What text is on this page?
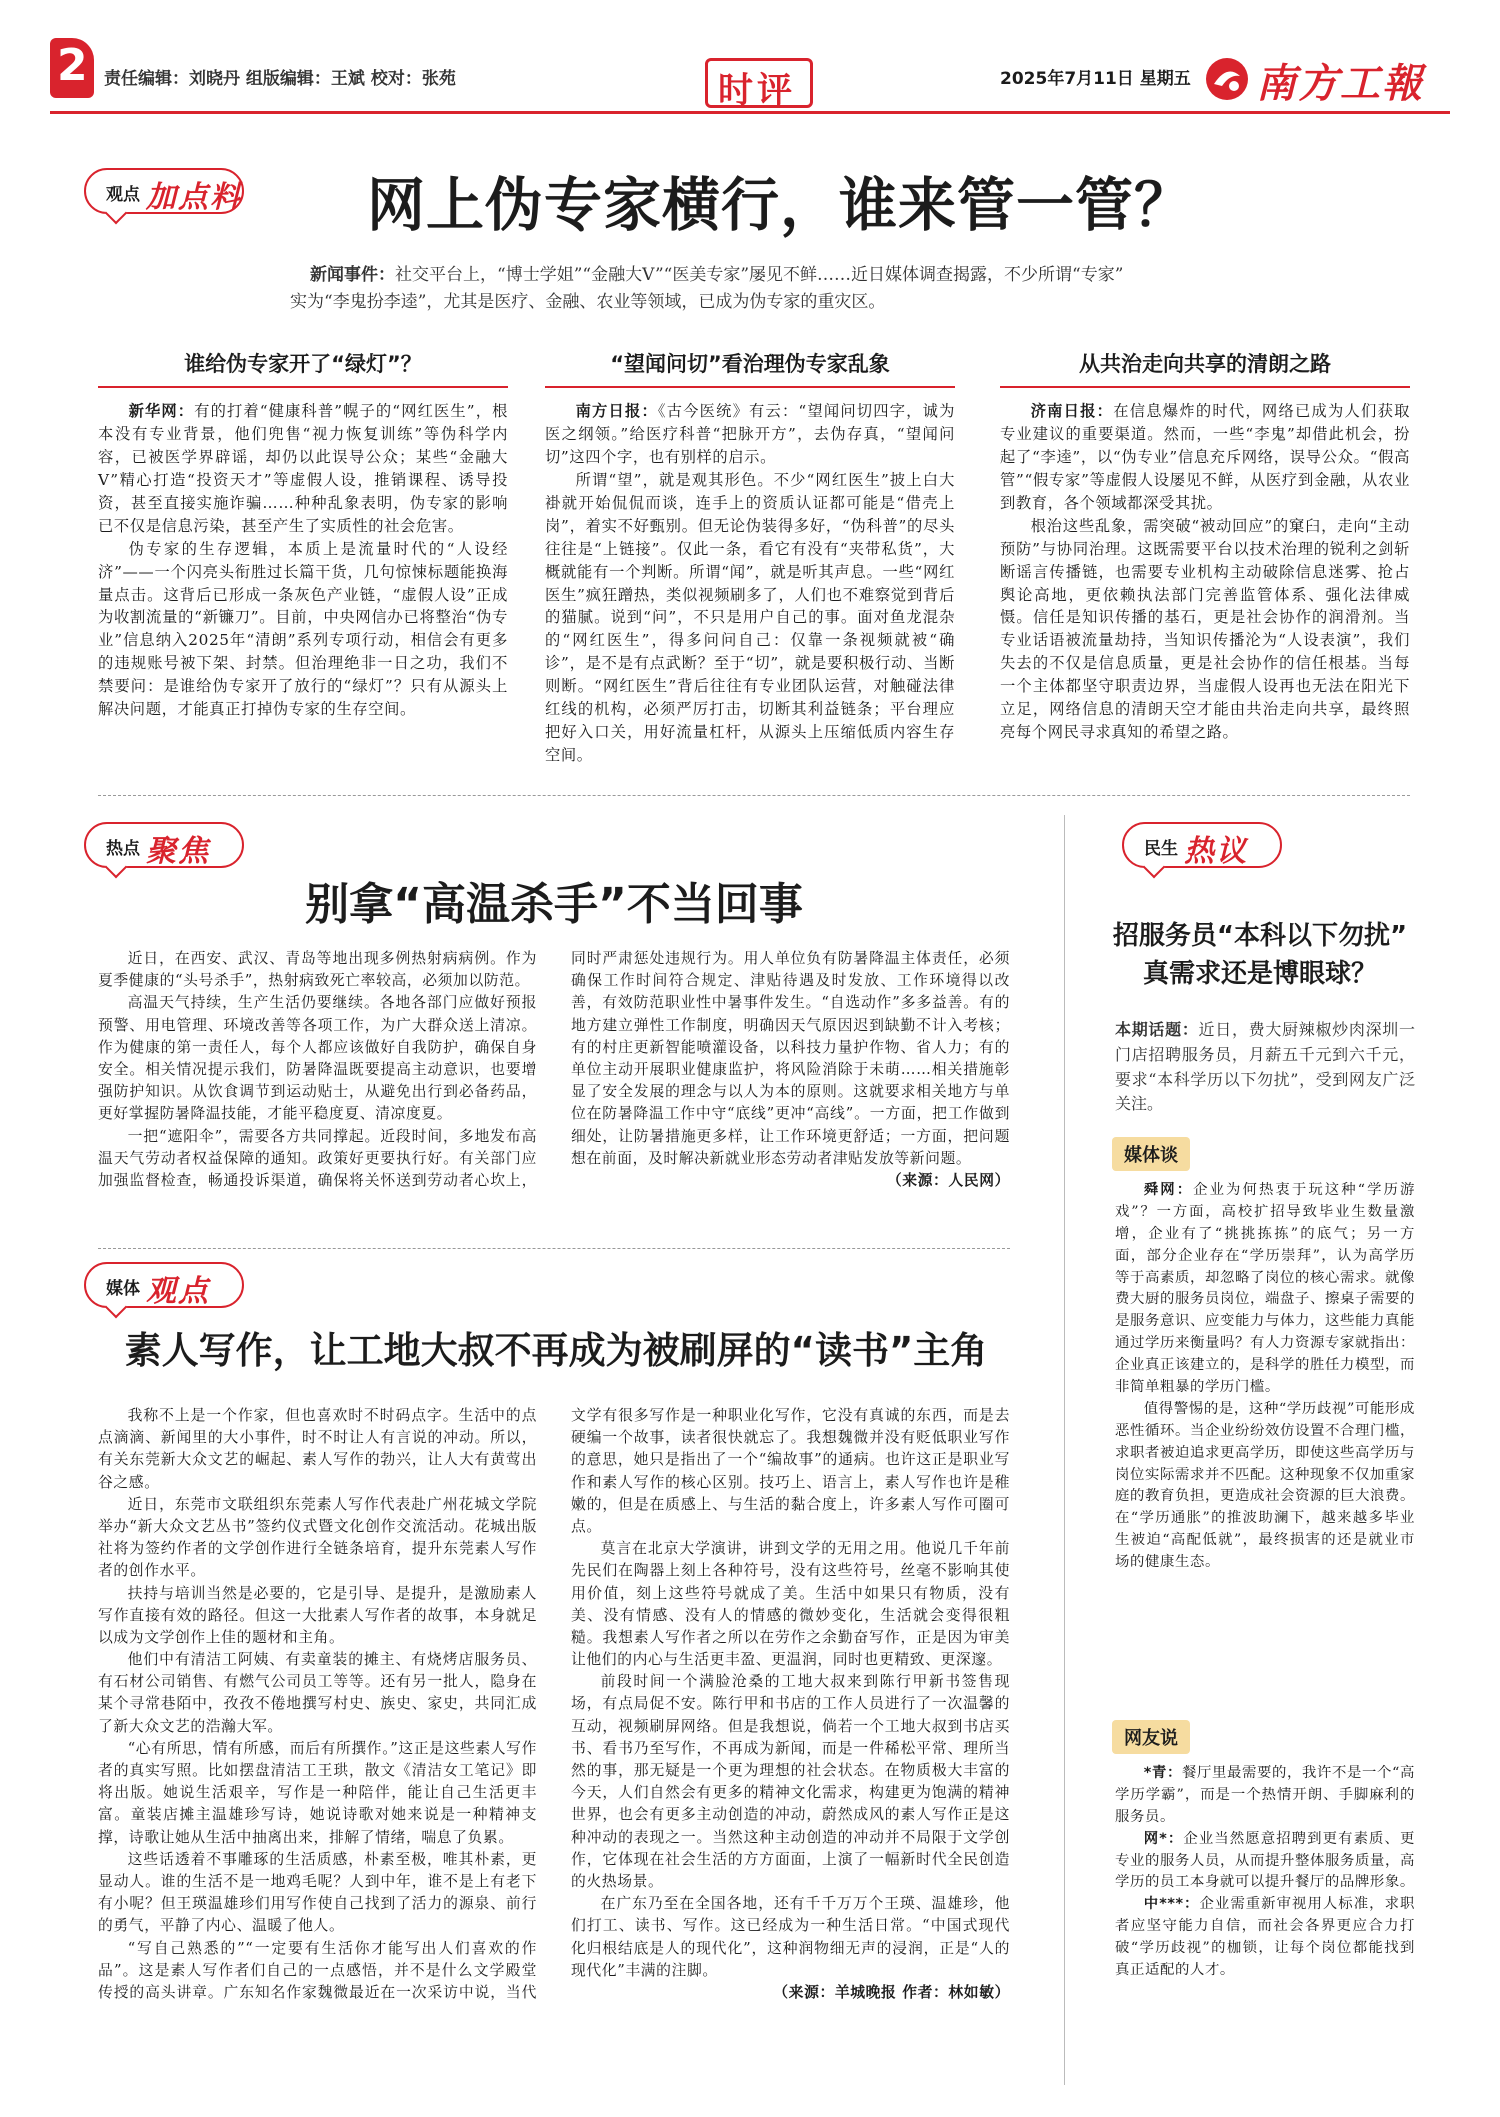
2 责任编辑：刘晓丹 组版编辑：王斌 校对：张苑	时评	2025年7月11日 星期五 南方工報
观点 加点料	网上伪专家横行，谁来管一管？
新闻事件：社交平台上，“博士学姐”“金融大V”“医美专家”屡见不鲜……近日媒体调查揭露，不少所谓“专家”
实为“李鬼扮李逵”，尤其是医疗、金融、农业等领域，已成为伪专家的重灾区。
谁给伪专家开了“绿灯”？

新华网：有的打着“健康科普”幌子的“网红医生”，根本没有专业背景，他们兜售“视力恢复训练”等伪科学内容，已被医学界辟谣，却仍以此误导公众；某些“金融大V”精心打造“投资天才”等虚假人设，推销课程、诱导投资，甚至直接实施诈骗……种种乱象表明，伪专家的影响已不仅是信息污染，甚至产生了实质性的社会危害。

伪专家的生存逻辑，本质上是流量时代的“人设经济”——一个闪亮头衔胜过长篇干货，几句惊悚标题能换海量点击。这背后已形成一条灰色产业链，“虚假人设”正成为收割流量的“新镰刀”。目前，中央网信办已将整治“伪专业”信息纳入2025年“清朗”系列专项行动，相信会有更多的违规账号被下架、封禁。但治理绝非一日之功，我们不禁要问：是谁给伪专家开了放行的“绿灯”？只有从源头上解决问题，才能真正打掉伪专家的生存空间。

“望闻问切”看治理伪专家乱象

南方日报：《古今医统》有云：“望闻问切四字，诚为医之纲领。”给医疗科普“把脉开方”，去伪存真，“望闻问切”这四个字，也有别样的启示。

所谓“望”，就是观其形色。不少“网红医生”披上白大褂就开始侃侃而谈，连手上的资质认证都可能是“借壳上岗”，着实不好甄别。但无论伪装得多好，“伪科普”的尽头往往是“上链接”。仅此一条，看它有没有“夹带私货”，大概就能有一个判断。所谓“闻”，就是听其声息。一些“网红医生”疯狂蹭热，类似视频刷多了，人们也不难察觉到背后的猫腻。说到“问”，不只是用户自己的事。面对鱼龙混杂的“网红医生”，得多问问自己：仅靠一条视频就被“确诊”，是不是有点武断？至于“切”，就是要积极行动、当断则断。“网红医生”背后往往有专业团队运营，对触碰法律红线的机构，必须严厉打击，切断其利益链条；平台理应把好入口关，用好流量杠杆，从源头上压缩低质内容生存空间。

从共治走向共享的清朗之路

济南日报：在信息爆炸的时代，网络已成为人们获取专业建议的重要渠道。然而，一些“李鬼”却借此机会，扮起了“李逵”，以“伪专业”信息充斥网络，误导公众。“假高管”“假专家”等虚假人设屡见不鲜，从医疗到金融，从农业到教育，各个领域都深受其扰。

根治这些乱象，需突破“被动回应”的窠臼，走向“主动预防”与协同治理。这既需要平台以技术治理的锐利之剑斩断谣言传播链，也需要专业机构主动破除信息迷雾、抢占舆论高地，更依赖执法部门完善监管体系、强化法律威慑。信任是知识传播的基石，更是社会协作的润滑剂。当专业话语被流量劫持，当知识传播沦为“人设表演”，我们失去的不仅是信息质量，更是社会协作的信任根基。当每一个主体都坚守职责边界，当虚假人设再也无法在阳光下立足，网络信息的清朗天空才能由共治走向共享，最终照亮每个网民寻求真知的希望之路。

热点 聚焦
别拿“高温杀手”不当回事

近日，在西安、武汉、青岛等地出现多例热射病病例。作为夏季健康的“头号杀手”，热射病致死亡率较高，必须加以防范。

高温天气持续，生产生活仍要继续。各地各部门应做好预报预警、用电管理、环境改善等各项工作，为广大群众送上清凉。作为健康的第一责任人，每个人都应该做好自我防护，确保自身安全。相关情况提示我们，防暑降温既要提高主动意识，也要增强防护知识。从饮食调节到运动贴士，从避免出行到必备药品，更好掌握防暑降温技能，才能平稳度夏、清凉度夏。

一把“遮阳伞”，需要各方共同撑起。近段时间，多地发布高温天气劳动者权益保障的通知。政策好更要执行好。有关部门应加强监督检查，畅通投诉渠道，确保将关怀送到劳动者心坎上，同时严肃惩处违规行为。用人单位负有防暑降温主体责任，必须确保工作时间符合规定、津贴待遇及时发放、工作环境得以改善，有效防范职业性中暑事件发生。“自选动作”多多益善。有的地方建立弹性工作制度，明确因天气原因迟到缺勤不计入考核；有的村庄更新智能喷灌设备，以科技力量护作物、省人力；有的单位主动开展职业健康监护，将风险消除于未萌……相关措施彰显了安全发展的理念与以人为本的原则。这就要求相关地方与单位在防暑降温工作中守“底线”更冲“高线”。一方面，把工作做到细处，让防暑措施更多样，让工作环境更舒适；一方面，把问题想在前面，及时解决新就业形态劳动者津贴发放等新问题。

（来源：人民网）

媒体 观点
素人写作，让工地大叔不再成为被刷屏的“读书”主角

我称不上是一个作家，但也喜欢时不时码点字。生活中的点点滴滴、新闻里的大小事件，时不时让人有言说的冲动。所以，有关东莞新大众文艺的崛起、素人写作的勃兴，让人大有黄莺出谷之感。

近日，东莞市文联组织东莞素人写作代表赴广州花城文学院举办“新大众文艺丛书”签约仪式暨文化创作交流活动。花城出版社将为签约作者的文学创作进行全链条培育，提升东莞素人写作者的创作水平。

扶持与培训当然是必要的，它是引导、是提升，是激励素人写作直接有效的路径。但这一大批素人写作者的故事，本身就足以成为文学创作上佳的题材和主角。

他们中有清洁工阿姨、有卖童装的摊主、有烧烤店服务员、有石材公司销售、有燃气公司员工等等。还有另一批人，隐身在某个寻常巷陌中，孜孜不倦地撰写村史、族史、家史，共同汇成了新大众文艺的浩瀚大军。

“心有所思，情有所感，而后有所撰作。”这正是这些素人写作者的真实写照。比如摆盘清洁工王珙，散文《清洁女工笔记》即将出版。她说生活艰辛，写作是一种陪伴，能让自己生活更丰富。童装店摊主温雄珍写诗，她说诗歌对她来说是一种精神支撑，诗歌让她从生活中抽离出来，排解了情绪，喘息了负累。

这些话透着不事雕琢的生活质感，朴素至极，唯其朴素，更显动人。谁的生活不是一地鸡毛呢？人到中年，谁不是上有老下有小呢？但王瑛温雄珍们用写作使自己找到了活力的源泉、前行的勇气，平静了内心、温暖了他人。

“写自己熟悉的”“一定要有生活你才能写出人们喜欢的作品”。这是素人写作者们自己的一点感悟，并不是什么文学殿堂传授的高头讲章。广东知名作家魏微最近在一次采访中说，当代文学有很多写作是一种职业化写作，它没有真诚的东西，而是去硬编一个故事，读者很快就忘了。我想魏微并没有贬低职业写作的意思，她只是指出了一个“编故事”的通病。也许这正是职业写作和素人写作的核心区别。技巧上、语言上，素人写作也许是稚嫩的，但是在质感上、与生活的黏合度上，许多素人写作可圈可点。

莫言在北京大学演讲，讲到文学的无用之用。他说几千年前先民们在陶器上刻上各种符号，没有这些符号，丝毫不影响其使用价值，刻上这些符号就成了美。生活中如果只有物质，没有美、没有情感、没有人的情感的微妙变化，生活就会变得很粗糙。我想素人写作者之所以在劳作之余勤奋写作，正是因为审美让他们的内心与生活更丰盈、更温润，同时也更精致、更深邃。

前段时间一个满脸沧桑的工地大叔来到陈行甲新书签售现场，有点局促不安。陈行甲和书店的工作人员进行了一次温馨的互动，视频刷屏网络。但是我想说，倘若一个工地大叔到书店买书、看书乃至写作，不再成为新闻，而是一件稀松平常、理所当然的事，那无疑是一个更为理想的社会状态。在物质极大丰富的今天，人们自然会有更多的精神文化需求，构建更为饱满的精神世界，也会有更多主动创造的冲动，蔚然成风的素人写作正是这种冲动的表现之一。当然这种主动创造的冲动并不局限于文学创作，它体现在社会生活的方方面面，上演了一幅新时代全民创造的火热场景。

在广东乃至在全国各地，还有千千万万个王瑛、温雄珍，他们打工、读书、写作。这已经成为一种生活日常。“中国式现代化归根结底是人的现代化”，这种润物细无声的浸润，正是“人的现代化”丰满的注脚。

（来源：羊城晚报 作者：林如敏）

民生 热议
招服务员“本科以下勿扰”
真需求还是博眼球？
本期话题：近日，费大厨辣椒炒肉深圳一门店招聘服务员，月薪五千元到六千元，要求“本科学历以下勿扰”，受到网友广泛关注。
媒体谈

舜网：企业为何热衷于玩这种“学历游戏”？一方面，高校扩招导致毕业生数量激增，企业有了“挑挑拣拣”的底气；另一方面，部分企业存在“学历崇拜”，认为高学历等于高素质，却忽略了岗位的核心需求。就像费大厨的服务员岗位，端盘子、擦桌子需要的是服务意识、应变能力与体力，这些能力真能通过学历来衡量吗？有人力资源专家就指出：企业真正该建立的，是科学的胜任力模型，而非简单粗暴的学历门槛。

值得警惕的是，这种“学历歧视”可能形成恶性循环。当企业纷纷效仿设置不合理门槛，求职者被迫追求更高学历，即使这些高学历与岗位实际需求并不匹配。这种现象不仅加重家庭的教育负担，更造成社会资源的巨大浪费。在“学历通胀”的推波助澜下，越来越多毕业生被迫“高配低就”，最终损害的还是就业市场的健康生态。

网友说

*青：餐厅里最需要的，我许不是一个“高学历学霸”，而是一个热情开朗、手脚麻利的服务员。

网*：企业当然愿意招聘到更有素质、更专业的服务人员，从而提升整体服务质量，高学历的员工本身就可以提升餐厅的品牌形象。

中***：企业需重新审视用人标准，求职者应坚守能力自信，而社会各界更应合力打破“学历歧视”的枷锁，让每个岗位都能找到真正适配的人才。
